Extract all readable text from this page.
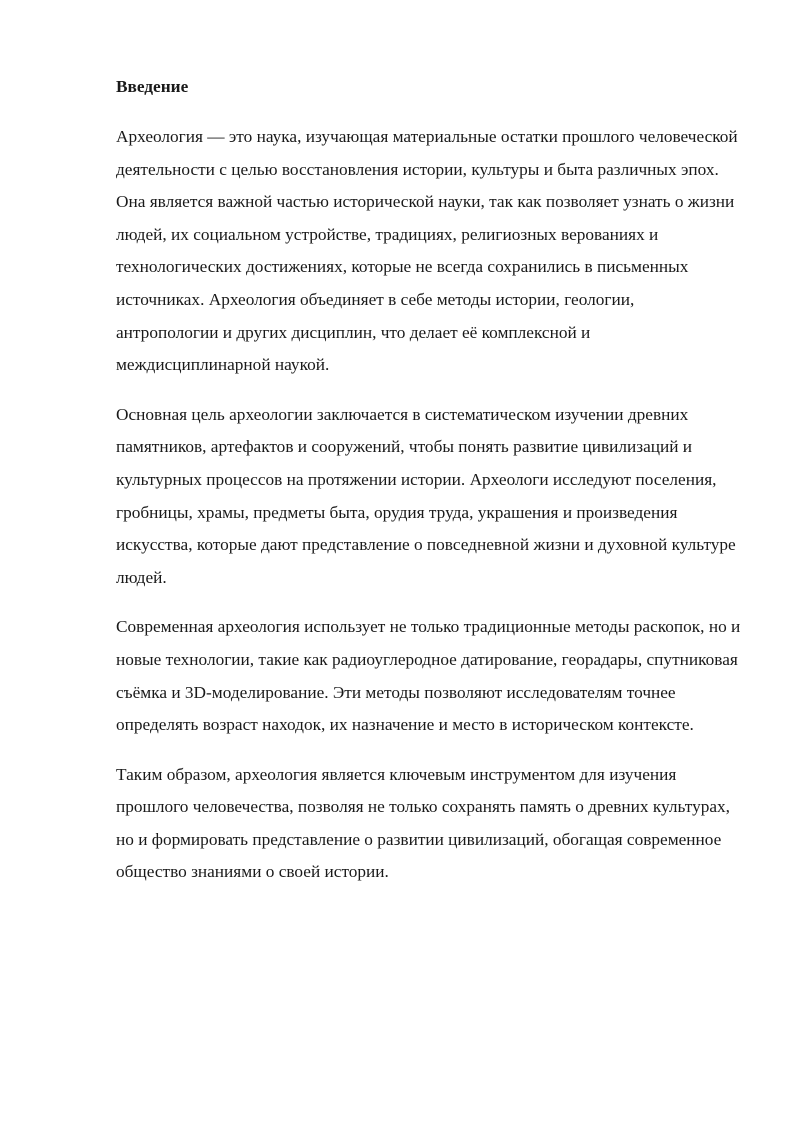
Введение

Археология — это наука, изучающая материальные остатки прошлого человеческой деятельности с целью восстановления истории, культуры и быта различных эпох. Она является важной частью исторической науки, так как позволяет узнать о жизни людей, их социальном устройстве, традициях, религиозных верованиях и технологических достижениях, которые не всегда сохранились в письменных источниках. Археология объединяет в себе методы истории, геологии, антропологии и других дисциплин, что делает её комплексной и междисциплинарной наукой.

Основная цель археологии заключается в систематическом изучении древних памятников, артефактов и сооружений, чтобы понять развитие цивилизаций и культурных процессов на протяжении истории. Археологи исследуют поселения, гробницы, храмы, предметы быта, орудия труда, украшения и произведения искусства, которые дают представление о повседневной жизни и духовной культуре людей.

Современная археология использует не только традиционные методы раскопок, но и новые технологии, такие как радиоуглеродное датирование, георадары, спутниковая съёмка и 3D-моделирование. Эти методы позволяют исследователям точнее определять возраст находок, их назначение и место в историческом контексте.

Таким образом, археология является ключевым инструментом для изучения прошлого человечества, позволяя не только сохранять память о древних культурах, но и формировать представление о развитии цивилизаций, обогащая современное общество знаниями о своей истории.
